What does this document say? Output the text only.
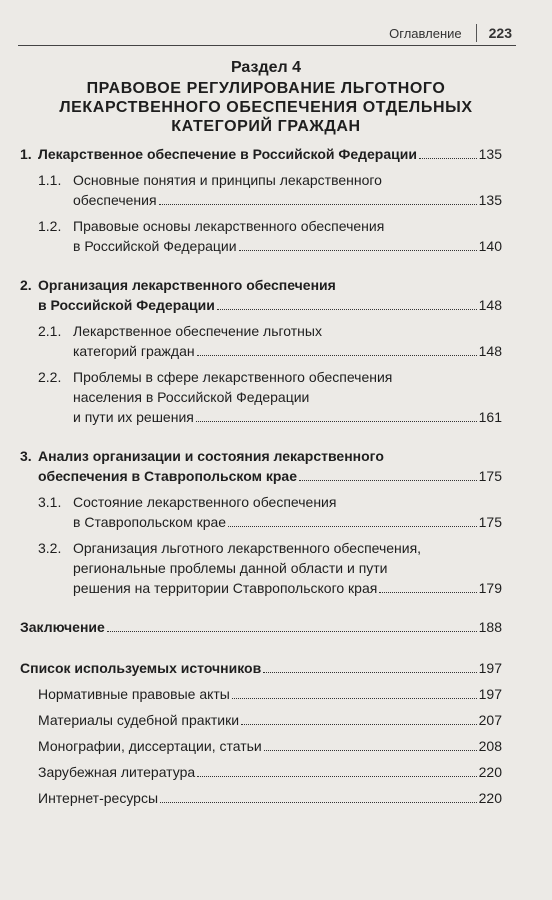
Оглавление 223
Раздел 4
ПРАВОВОЕ РЕГУЛИРОВАНИЕ ЛЬГОТНОГО
ЛЕКАРСТВЕННОГО ОБЕСПЕЧЕНИЯ ОТДЕЛЬНЫХ
КАТЕГОРИЙ ГРАЖДАН
1. Лекарственное обеспечение в Российской Федерации	135
1.1. Основные понятия и принципы лекарственного
обеспечения	135
1.2. Правовые основы лекарственного обеспечения
в Российской Федерации	140
2. Организация лекарственного обеспечения
в Российской Федерации	148
2.1. Лекарственное обеспечение льготных
категорий граждан	148
2.2. Проблемы в сфере лекарственного обеспечения
населения в Российской Федерации
и пути их решения	161
3. Анализ организации и состояния лекарственного
обеспечения в Ставропольском крае	175
3.1. Состояние лекарственного обеспечения
в Ставропольском крае	175
3.2. Организация льготного лекарственного обеспечения,
региональные проблемы данной области и пути
решения на территории Ставропольского края	179
Заключение	188
Список используемых источников	197
Нормативные правовые акты	197
Материалы судебной практики	207
Монографии, диссертации, статьи	208
Зарубежная литература	220
Интернет-ресурсы	220
